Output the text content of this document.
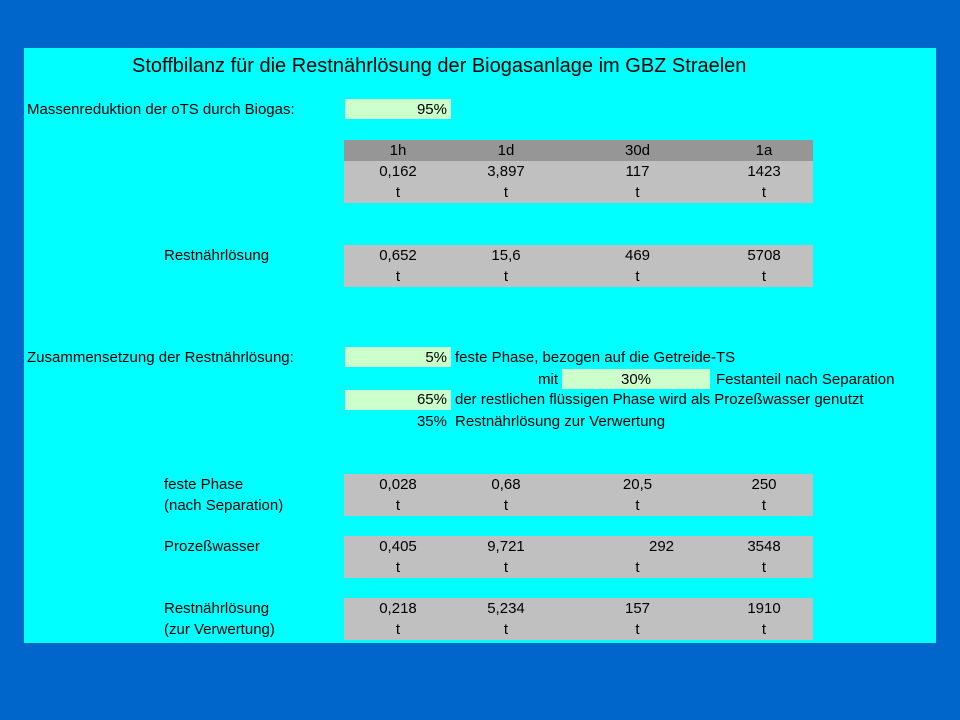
Stoffbilanz für die Restnährlösung der Biogasanlage im GBZ Straelen
Massenreduktion der oTS durch Biogas:	95%
1h	1d	30d	1a
0,162	3,897	117	1423
t	t	t	t
Restnährlösung	0,652	15,6	469	5708
t	t	t	t
Zusammensetzung der Restnährlösung:	5% feste Phase, bezogen auf die Getreide-TS
mit	30%	Festanteil nach Separation
65% der restlichen flüssigen Phase wird als Prozeßwasser genutzt
35% Restnährlösung zur Verwertung
feste Phase
(nach Separation)
0,028	0,68	20,5	250
t	t	t	t
Prozeßwasser	0,405	9,721	292	3548
t	t	t	t
Restnährlösung
(zur Verwertung)
0,218	5,234	157	1910
t	t	t	t
